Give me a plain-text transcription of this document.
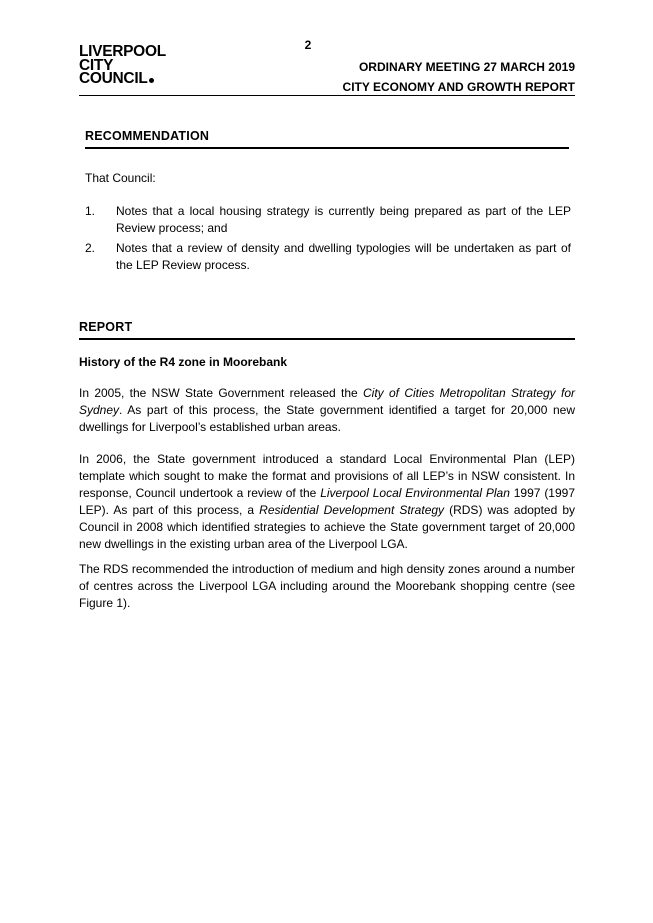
2
LIVERPOOL
CITY
COUNCIL
ORDINARY MEETING 27 MARCH 2019
CITY ECONOMY AND GROWTH REPORT
RECOMMENDATION
That Council:
1. Notes that a local housing strategy is currently being prepared as part of the LEP Review process; and
2. Notes that a review of density and dwelling typologies will be undertaken as part of the LEP Review process.
REPORT
History of the R4 zone in Moorebank
In 2005, the NSW State Government released the City of Cities Metropolitan Strategy for Sydney. As part of this process, the State government identified a target for 20,000 new dwellings for Liverpool’s established urban areas.
In 2006, the State government introduced a standard Local Environmental Plan (LEP) template which sought to make the format and provisions of all LEP’s in NSW consistent. In response, Council undertook a review of the Liverpool Local Environmental Plan 1997 (1997 LEP). As part of this process, a Residential Development Strategy (RDS) was adopted by Council in 2008 which identified strategies to achieve the State government target of 20,000 new dwellings in the existing urban area of the Liverpool LGA.
The RDS recommended the introduction of medium and high density zones around a number of centres across the Liverpool LGA including around the Moorebank shopping centre (see Figure 1).
